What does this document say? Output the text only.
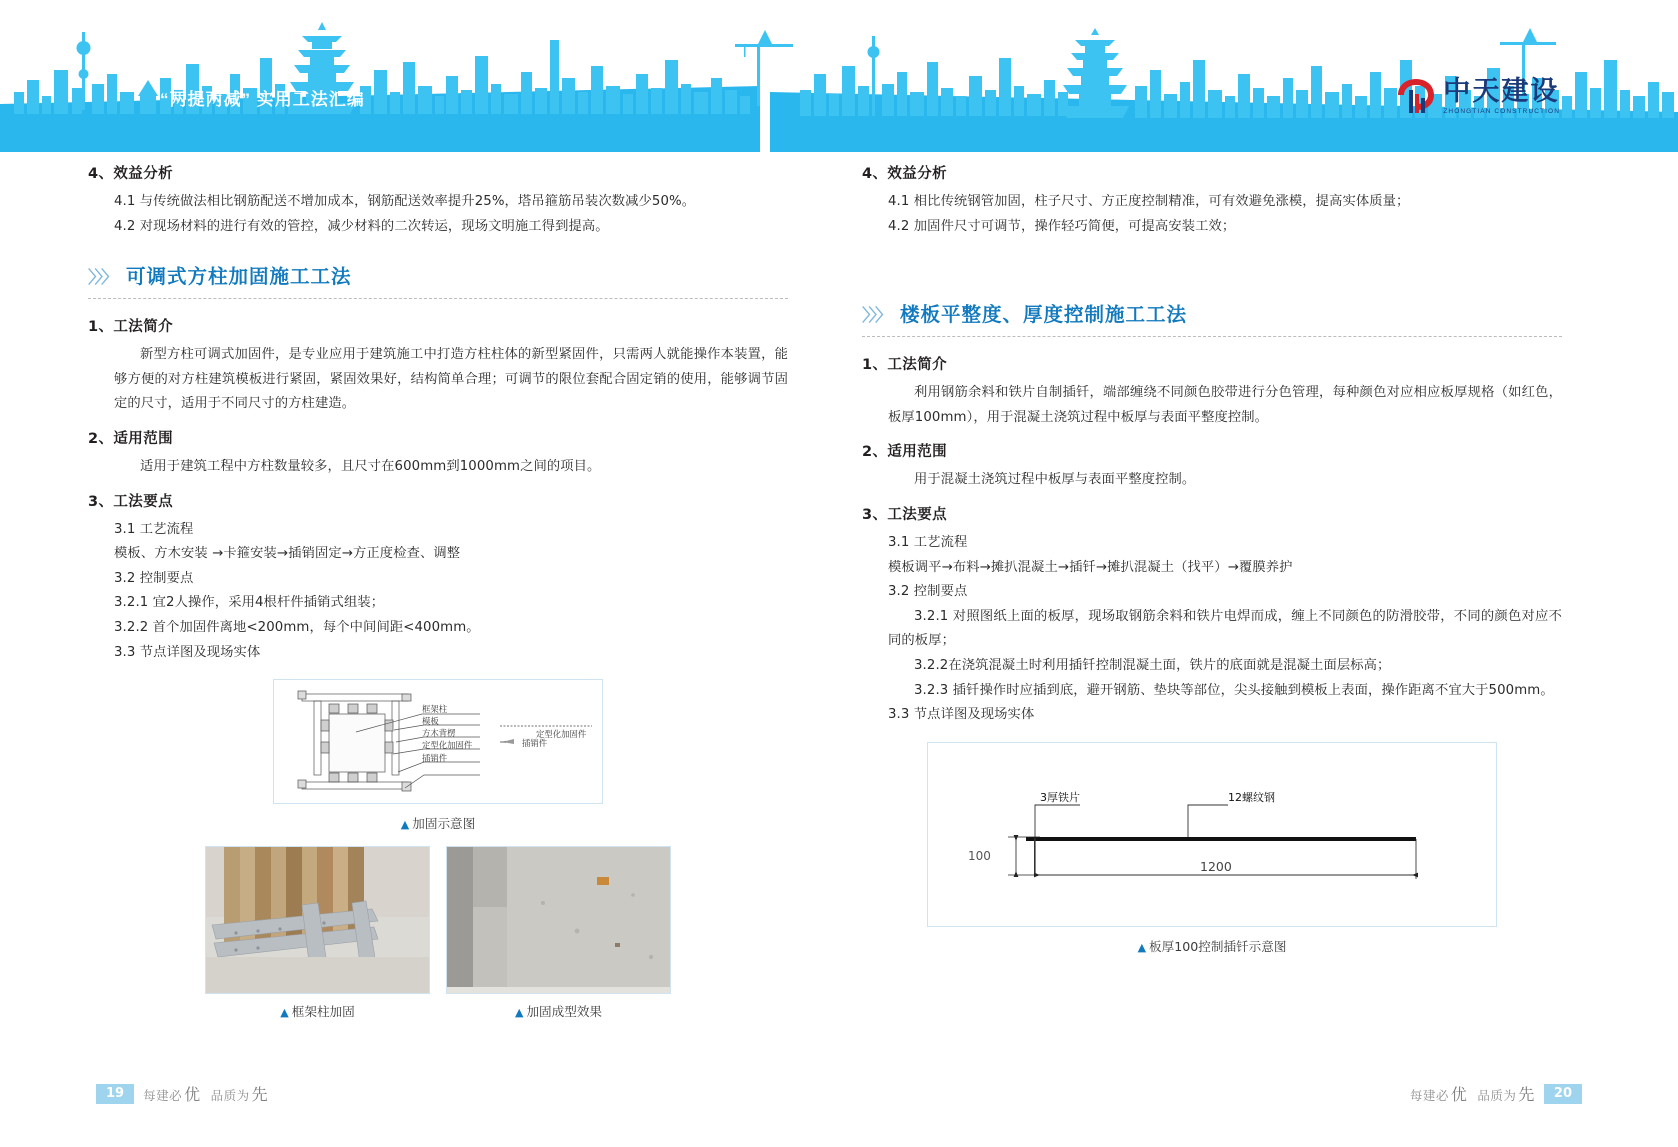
“两提两减” 实用工法汇编	中天建设
ZHONGTIAN CONSTRUCTION
4、效益分析
4.1 与传统做法相比钢筋配送不增加成本，钢筋配送效率提升25%，塔吊箍筋吊装次数减少50%。
4.2 对现场材料的进行有效的管控，减少材料的二次转运，现场文明施工得到提高。
〉〉〉 可调式方柱加固施工工法
1、工法简介
新型方柱可调式加固件，是专业应用于建筑施工中打造方柱柱体的新型紧固件，只需两人就能操作本装置，能够方便的对方柱建筑模板进行紧固，紧固效果好，结构简单合理；可调节的限位套配合固定销的使用，能够调节固定的尺寸，适用于不同尺寸的方柱建造。
2、适用范围
适用于建筑工程中方柱数量较多，且尺寸在600mm到1000mm之间的项目。
3、工法要点
3.1 工艺流程
模板、方木安装 →卡箍安装→插销固定→方正度检查、调整
3.2 控制要点
3.2.1 宜2人操作，采用4根杆件插销式组装；
3.2.2 首个加固件离地<200mm，每个中间间距<400mm。
3.3 节点详图及现场实体
框架柱
模板
方木背楞
定型化加固件
插销件
定型化加固件
插销件
▲ 加固示意图
▲ 框架柱加固	▲ 加固成型效果
4、效益分析
4.1 相比传统钢管加固，柱子尺寸、方正度控制精准，可有效避免涨模，提高实体质量；
4.2 加固件尺寸可调节，操作轻巧简便，可提高安装工效；
〉〉〉 楼板平整度、厚度控制施工工法
1、工法简介
利用钢筋余料和铁片自制插钎，端部缠绕不同颜色胶带进行分色管理，每种颜色对应相应板厚规格（如红色，板厚100mm），用于混凝土浇筑过程中板厚与表面平整度控制。
2、适用范围
用于混凝土浇筑过程中板厚与表面平整度控制。
3、工法要点
3.1 工艺流程
模板调平→布料→摊扒混凝土→插钎→摊扒混凝土（找平）→覆膜养护
3.2 控制要点
3.2.1 对照图纸上面的板厚，现场取钢筋余料和铁片电焊而成，缠上不同颜色的防滑胶带，不同的颜色对应不同的板厚；
3.2.2在浇筑混凝土时利用插钎控制混凝土面，铁片的底面就是混凝土面层标高；
3.2.3 插钎操作时应插到底，避开钢筋、垫块等部位，尖头接触到模板上表面，操作距离不宜大于500mm。
3.3 节点详图及现场实体
3厚铁片	12螺纹钢
100
1200
▲ 板厚100控制插钎示意图
19	每建必 优 品质为 先	每建必 优 品质为 先	20
